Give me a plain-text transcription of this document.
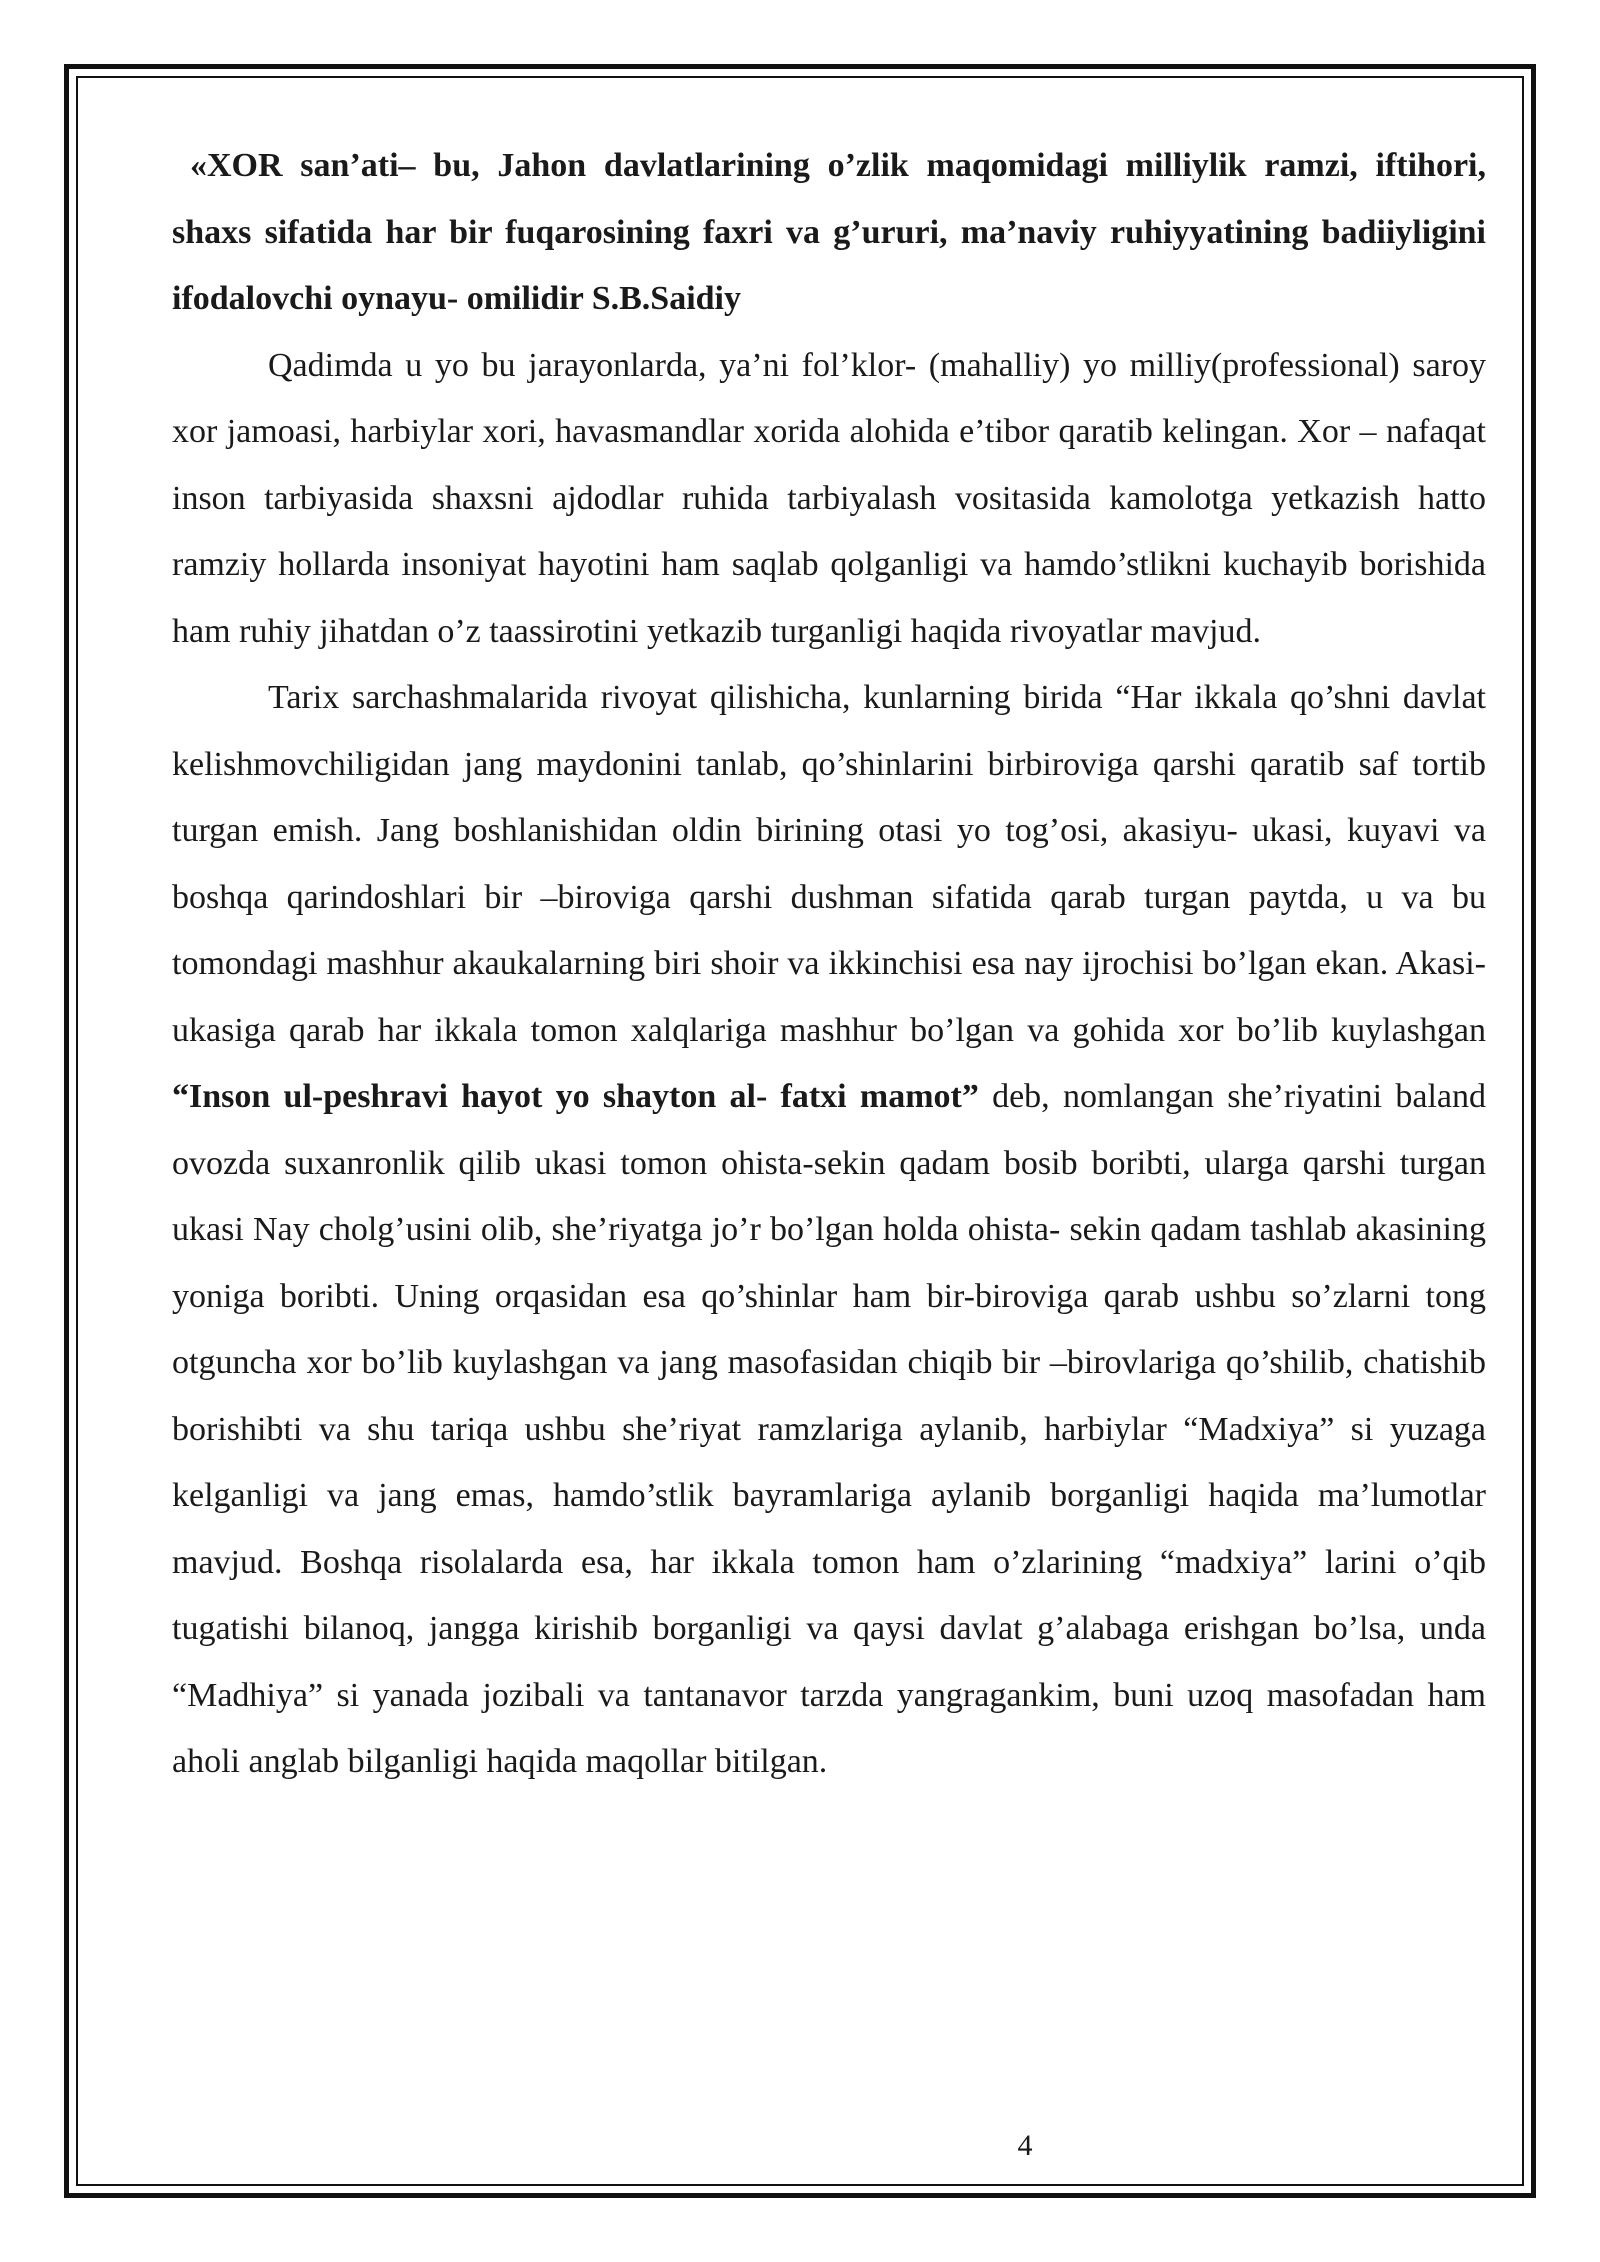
«XOR san’ati– bu, Jahon davlatlarining o’zlik maqomidagi milliylik ramzi, iftihori, shaxs sifatida har bir fuqarosining faxri va g’ururi, ma’naviy ruhiyyatining badiiyligini ifodalovchi oynayu- omilidir S.B.Saidiy

Qadimda u yo bu jarayonlarda, ya’ni fol’klor- (mahalliy) yo milliy(professional) saroy xor jamoasi, harbiylar xori, havasmandlar xorida alohida e’tibor qaratib kelingan. Xor – nafaqat inson tarbiyasida shaxsni ajdodlar ruhida tarbiyalash vositasida kamolotga yetkazish hatto ramziy hollarda insoniyat hayotini ham saqlab qolganligi va hamdo’stlikni kuchayib borishida ham ruhiy jihatdan o’z taassirotini yetkazib turganligi haqida rivoyatlar mavjud.

Tarix sarchashmalarida rivoyat qilishicha, kunlarning birida “Har ikkala qo’shni davlat kelishmovchiligidan jang maydonini tanlab, qo’shinlarini birbiroviga qarshi qaratib saf tortib turgan emish. Jang boshlanishidan oldin birining otasi yo tog’osi, akasiyu- ukasi, kuyavi va boshqa qarindoshlari bir –biroviga qarshi dushman sifatida qarab turgan paytda, u va bu tomondagi mashhur akaukalarning biri shoir va ikkinchisi esa nay ijrochisi bo’lgan ekan. Akasi- ukasiga qarab har ikkala tomon xalqlariga mashhur bo’lgan va gohida xor bo’lib kuylashgan “Inson ul-peshravi hayot yo shayton al- fatxi mamot” deb, nomlangan she’riyatini baland ovozda suxanronlik qilib ukasi tomon ohista-sekin qadam bosib boribti, ularga qarshi turgan ukasi Nay cholg’usini olib, she’riyatga jo’r bo’lgan holda ohista- sekin qadam tashlab akasining yoniga boribti. Uning orqasidan esa qo’shinlar ham bir-biroviga qarab ushbu so’zlarni tong otguncha xor bo’lib kuylashgan va jang masofasidan chiqib bir –birovlariga qo’shilib, chatishib borishibti va shu tariqa ushbu she’riyat ramzlariga aylanib, harbiylar “Madxiya” si yuzaga kelganligi va jang emas, hamdo’stlik bayramlariga aylanib borganligi haqida ma’lumotlar mavjud. Boshqa risolalarda esa, har ikkala tomon ham o’zlarining “madxiya” larini o’qib tugatishi bilanoq, jangga kirishib borganligi va qaysi davlat g’alabaga erishgan bo’lsa, unda “Madhiya” si yanada jozibali va tantanavor tarzda yangragankim, buni uzoq masofadan ham aholi anglab bilganligi haqida maqollar bitilgan.

4
